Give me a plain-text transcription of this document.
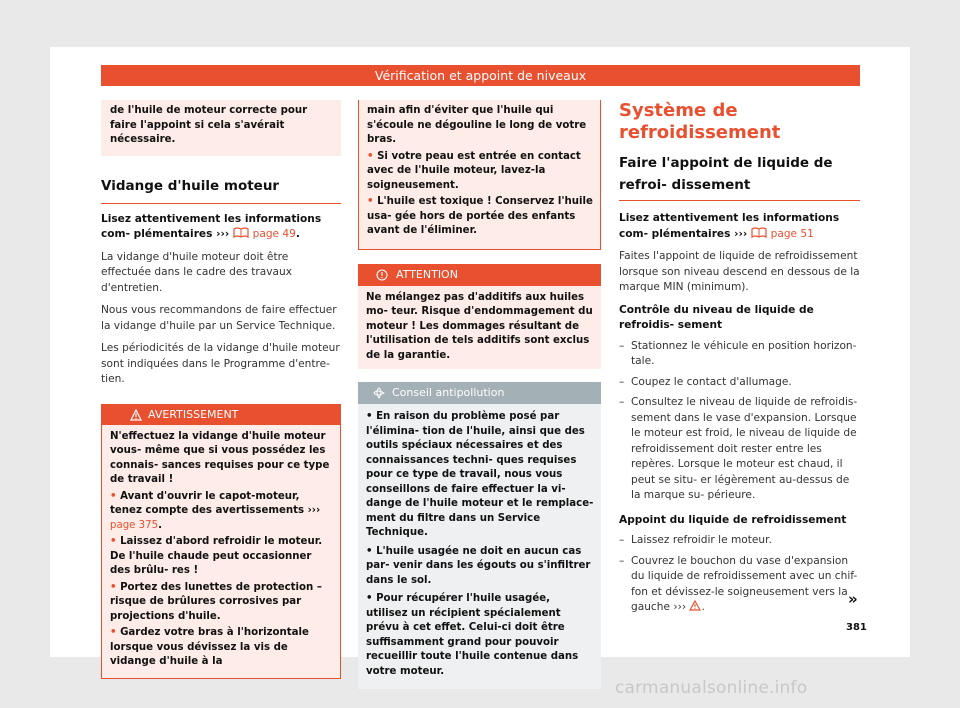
Vérification et appoint de niveaux

de l'huile de moteur correcte pour faire l'appoint si cela s'avérait nécessaire.

Vidange d'huile moteur

Lisez attentivement les informations com- plémentaires ››› page 49.

La vidange d'huile moteur doit être effectuée dans le cadre des travaux d'entretien.

Nous vous recommandons de faire effectuer la vidange d'huile par un Service Technique.

Les périodicités de la vidange d'huile moteur sont indiquées dans le Programme d'entre- tien.

AVERTISSEMENT

N'effectuez la vidange d'huile moteur vous- même que si vous possédez les connais- sances requises pour ce type de travail !

• Avant d'ouvrir le capot-moteur, tenez compte des avertissements ››› page 375.

• Laissez d'abord refroidir le moteur. De l'huile chaude peut occasionner des brûlu- res !

• Portez des lunettes de protection – risque de brûlures corrosives par projections d'huile.

• Gardez votre bras à l'horizontale lorsque vous dévissez la vis de vidange d'huile à la

main afin d'éviter que l'huile qui s'écoule ne dégouline le long de votre bras.

• Si votre peau est entrée en contact avec de l'huile moteur, lavez-la soigneusement.

• L'huile est toxique ! Conservez l'huile usa- gée hors de portée des enfants avant de l'éliminer.

ATTENTION

Ne mélangez pas d'additifs aux huiles mo- teur. Risque d'endommagement du moteur ! Les dommages résultant de l'utilisation de tels additifs sont exclus de la garantie.

Conseil antipollution

• En raison du problème posé par l'élimina- tion de l'huile, ainsi que des outils spéciaux nécessaires et des connaissances techni- ques requises pour ce type de travail, nous vous conseillons de faire effectuer la vi- dange de l'huile moteur et le remplace- ment du filtre dans un Service Technique.

• L'huile usagée ne doit en aucun cas par- venir dans les égouts ou s'infiltrer dans le sol.

• Pour récupérer l'huile usagée, utilisez un récipient spécialement prévu à cet effet. Celui-ci doit être suffisamment grand pour pouvoir recueillir toute l'huile contenue dans votre moteur.

Système de refroidissement
Faire l'appoint de liquide de refroi- dissement

Lisez attentivement les informations com- plémentaires ››› page 51

Faites l'appoint de liquide de refroidissement lorsque son niveau descend en dessous de la marque MIN (minimum).

Contrôle du niveau de liquide de refroidis- sement

– Stationnez le véhicule en position horizon- tale.
– Coupez le contact d'allumage.
– Consultez le niveau de liquide de refroidis- sement dans le vase d'expansion. Lorsque le moteur est froid, le niveau de liquide de refroidissement doit rester entre les repères. Lorsque le moteur est chaud, il peut se situ- er légèrement au-dessus de la marque su- périeure.

Appoint du liquide de refroidissement

– Laissez refroidir le moteur.
– Couvrez le bouchon du vase d'expansion du liquide de refroidissement avec un chif- fon et dévissez-le soigneusement vers la gauche ››› .	»
381
carmanualsonline.info
